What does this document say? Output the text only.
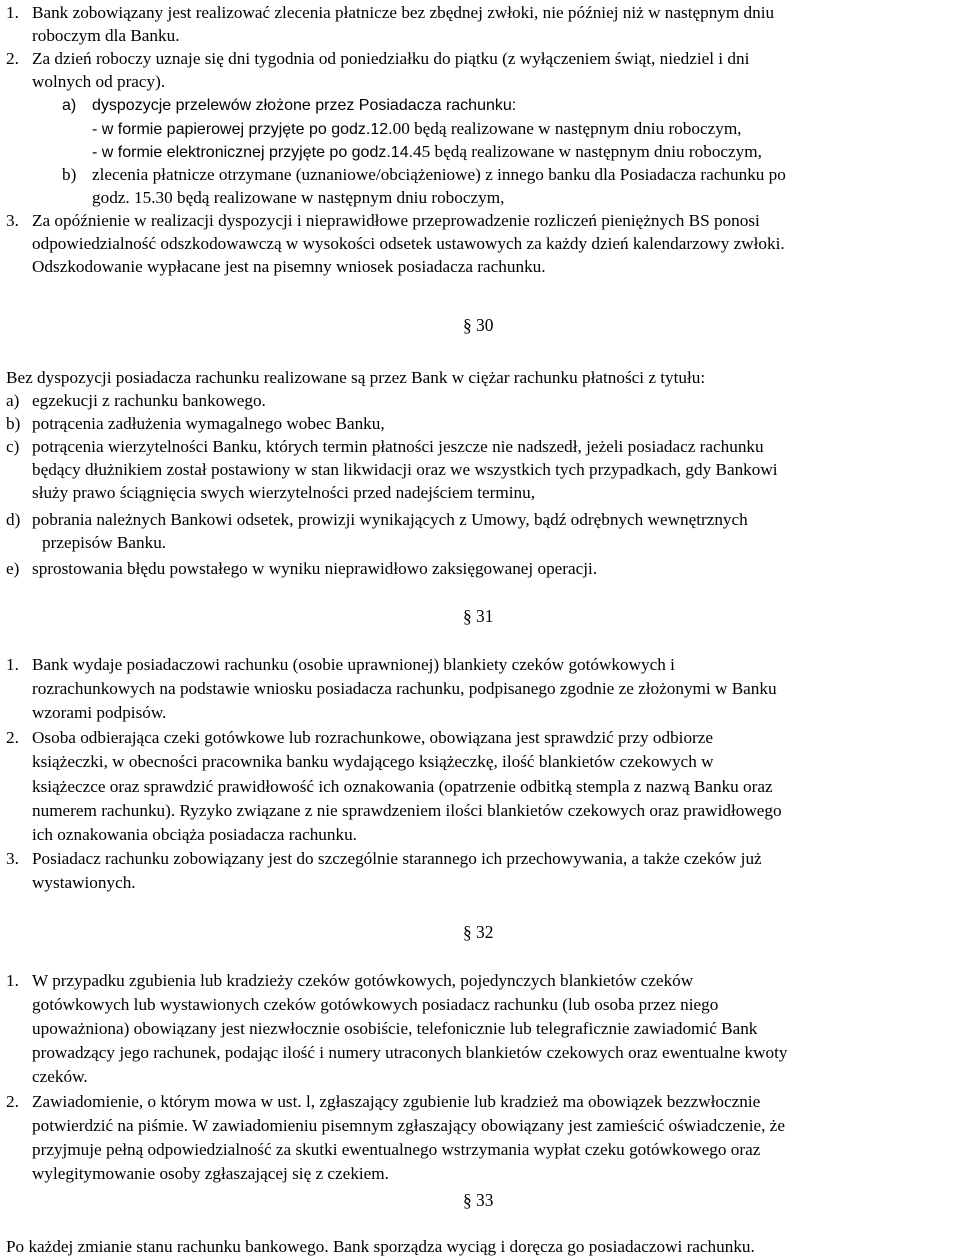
1. Bank zobowiązany jest realizować zlecenia płatnicze bez zbędnej zwłoki, nie później niż w następnym dniu
roboczym dla Banku.
2. Za dzień roboczy uznaje się dni tygodnia od poniedziałku do piątku (z wyłączeniem świąt, niedziel i dni
wolnych od pracy).
a) dyspozycje przelewów złożone przez Posiadacza rachunku:
- w formie papierowej przyjęte po godz.12.00 będą realizowane w następnym dniu roboczym,
- w formie elektronicznej przyjęte po godz.14.45 będą realizowane w następnym dniu roboczym,
b) zlecenia płatnicze otrzymane (uznaniowe/obciążeniowe) z innego banku dla Posiadacza rachunku po
godz. 15.30 będą realizowane w następnym dniu roboczym,
3. Za opóźnienie w realizacji dyspozycji i nieprawidłowe przeprowadzenie rozliczeń pieniężnych BS ponosi
odpowiedzialność odszkodowawczą w wysokości odsetek ustawowych za każdy dzień kalendarzowy zwłoki.
Odszkodowanie wypłacane jest na pisemny wniosek posiadacza rachunku.
§ 30
Bez dyspozycji posiadacza rachunku realizowane są przez Bank w ciężar rachunku płatności z tytułu:
a) egzekucji z rachunku bankowego.
b) potrącenia zadłużenia wymagalnego wobec Banku,
c) potrącenia wierzytelności Banku, których termin płatności jeszcze nie nadszedł, jeżeli posiadacz rachunku
będący dłużnikiem został postawiony w stan likwidacji oraz we wszystkich tych przypadkach, gdy Bankowi
służy prawo ściągnięcia swych wierzytelności przed nadejściem terminu,
d) pobrania należnych Bankowi odsetek, prowizji wynikających z Umowy, bądź odrębnych wewnętrznych
przepisów Banku.
e) sprostowania błędu powstałego w wyniku nieprawidłowo zaksięgowanej operacji.
§ 31
1. Bank wydaje posiadaczowi rachunku (osobie uprawnionej) blankiety czeków gotówkowych i
rozrachunkowych na podstawie wniosku posiadacza rachunku, podpisanego zgodnie ze złożonymi w Banku
wzorami podpisów.
2. Osoba odbierająca czeki gotówkowe lub rozrachunkowe, obowiązana jest sprawdzić przy odbiorze
książeczki, w obecności pracownika banku wydającego książeczkę, ilość blankietów czekowych w
książeczce oraz sprawdzić prawidłowość ich oznakowania (opatrzenie odbitką stempla z nazwą Banku oraz
numerem rachunku). Ryzyko związane z nie sprawdzeniem ilości blankietów czekowych oraz prawidłowego
ich oznakowania obciąża posiadacza rachunku.
3. Posiadacz rachunku zobowiązany jest do szczególnie starannego ich przechowywania, a także czeków już
wystawionych.
§ 32
1. W przypadku zgubienia lub kradzieży czeków gotówkowych, pojedynczych blankietów czeków
gotówkowych lub wystawionych czeków gotówkowych posiadacz rachunku (lub osoba przez niego
upoważniona) obowiązany jest niezwłocznie osobiście, telefonicznie lub telegraficznie zawiadomić Bank
prowadzący jego rachunek, podając ilość i numery utraconych blankietów czekowych oraz ewentualne kwoty
czeków.
2. Zawiadomienie, o którym mowa w ust. l, zgłaszający zgubienie lub kradzież ma obowiązek bezzwłocznie
potwierdzić na piśmie. W zawiadomieniu pisemnym zgłaszający obowiązany jest zamieścić oświadczenie, że
przyjmuje pełną odpowiedzialność za skutki ewentualnego wstrzymania wypłat czeku gotówkowego oraz
wylegitymowanie osoby zgłaszającej się z czekiem.
§ 33
Po każdej zmianie stanu rachunku bankowego. Bank sporządza wyciąg i doręcza go posiadaczowi rachunku.
